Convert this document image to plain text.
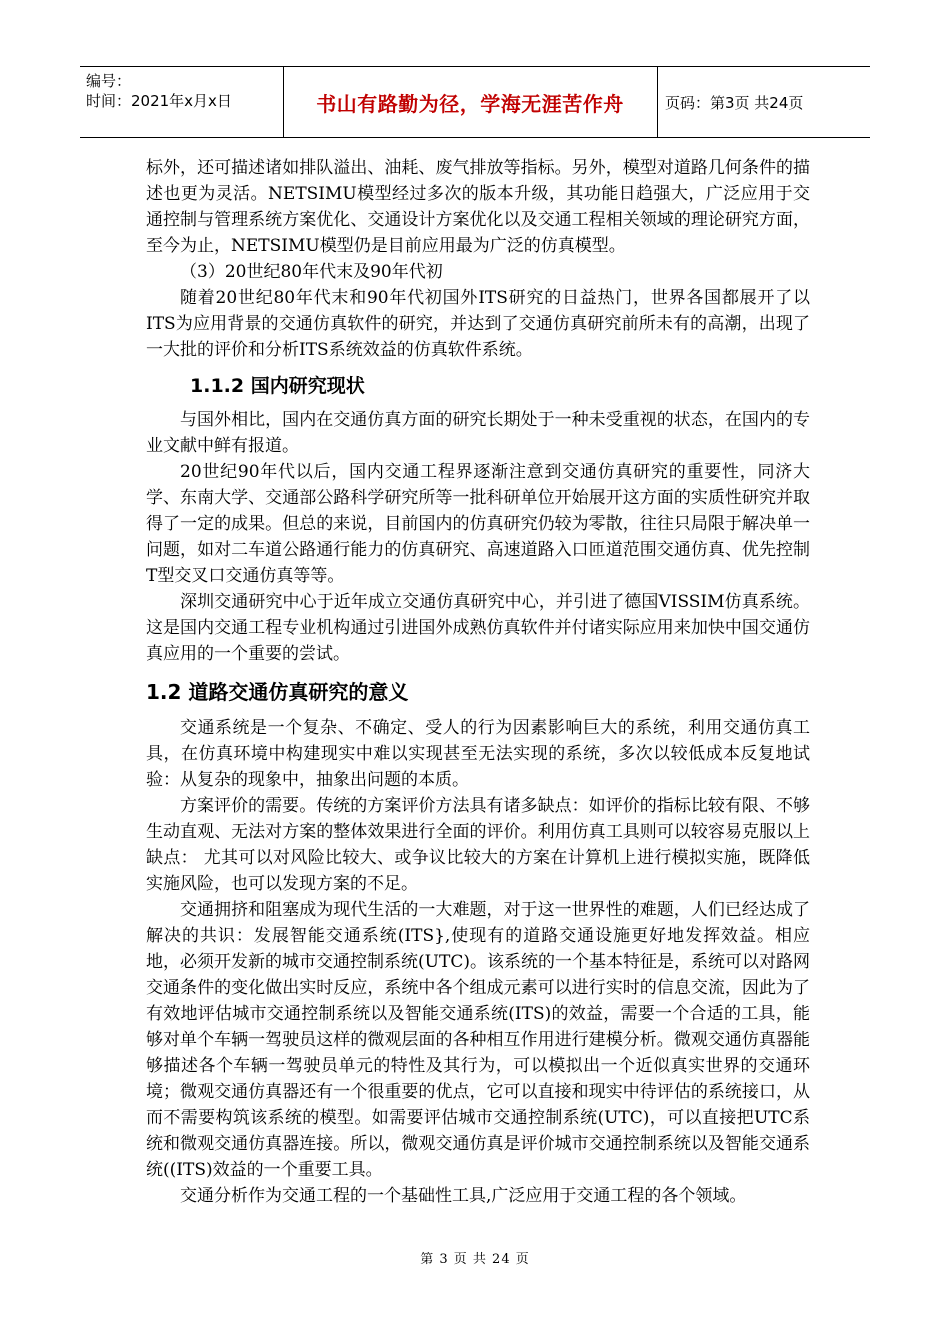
编号：
时间：2021年x月x日	书山有路勤为径，学海无涯苦作舟	页码：第3页 共24页

标外，还可描述诸如排队溢出、油耗、废气排放等指标。另外，模型对道路几何条件的描述也更为灵活。NETSIMU模型经过多次的版本升级，其功能日趋强大，广泛应用于交通控制与管理系统方案优化、交通设计方案优化以及交通工程相关领域的理论研究方面，至今为止，NETSIMU模型仍是目前应用最为广泛的仿真模型。

（3）20世纪80年代末及90年代初

随着20世纪80年代末和90年代初国外ITS研究的日益热门，世界各国都展开了以ITS为应用背景的交通仿真软件的研究，并达到了交通仿真研究前所未有的高潮，出现了一大批的评价和分析ITS系统效益的仿真软件系统。

1.1.2 国内研究现状

与国外相比，国内在交通仿真方面的研究长期处于一种未受重视的状态，在国内的专业文献中鲜有报道。

20世纪90年代以后，国内交通工程界逐渐注意到交通仿真研究的重要性，同济大学、东南大学、交通部公路科学研究所等一批科研单位开始展开这方面的实质性研究并取得了一定的成果。但总的来说，目前国内的仿真研究仍较为零散，往往只局限于解决单一问题，如对二车道公路通行能力的仿真研究、高速道路入口匝道范围交通仿真、优先控制T型交叉口交通仿真等等。

深圳交通研究中心于近年成立交通仿真研究中心，并引进了德国VISSIM仿真系统。这是国内交通工程专业机构通过引进国外成熟仿真软件并付诸实际应用来加快中国交通仿真应用的一个重要的尝试。

1.2 道路交通仿真研究的意义

交通系统是一个复杂、不确定、受人的行为因素影响巨大的系统，利用交通仿真工具，在仿真环境中构建现实中难以实现甚至无法实现的系统，多次以较低成本反复地试验：从复杂的现象中，抽象出问题的本质。

方案评价的需要。传统的方案评价方法具有诸多缺点：如评价的指标比较有限、不够生动直观、无法对方案的整体效果进行全面的评价。利用仿真工具则可以较容易克服以上缺点： 尤其可以对风险比较大、或争议比较大的方案在计算机上进行模拟实施，既降低实施风险，也可以发现方案的不足。

交通拥挤和阻塞成为现代生活的一大难题，对于这一世界性的难题，人们已经达成了解决的共识：发展智能交通系统(ITS},使现有的道路交通设施更好地发挥效益。相应地，必须开发新的城市交通控制系统(UTC)。该系统的一个基本特征是，系统可以对路网交通条件的变化做出实时反应，系统中各个组成元素可以进行实时的信息交流，因此为了有效地评估城市交通控制系统以及智能交通系统(ITS)的效益，需要一个合适的工具，能够对单个车辆一驾驶员这样的微观层面的各种相互作用进行建模分析。微观交通仿真器能够描述各个车辆一驾驶员单元的特性及其行为，可以模拟出一个近似真实世界的交通环境；微观交通仿真器还有一个很重要的优点，它可以直接和现实中待评估的系统接口，从而不需要构筑该系统的模型。如需要评估城市交通控制系统(UTC)，可以直接把UTC系统和微观交通仿真器连接。所以，微观交通仿真是评价城市交通控制系统以及智能交通系统((ITS)效益的一个重要工具。

交通分析作为交通工程的一个基础性工具,广泛应用于交通工程的各个领域。

第 3 页 共 24 页
